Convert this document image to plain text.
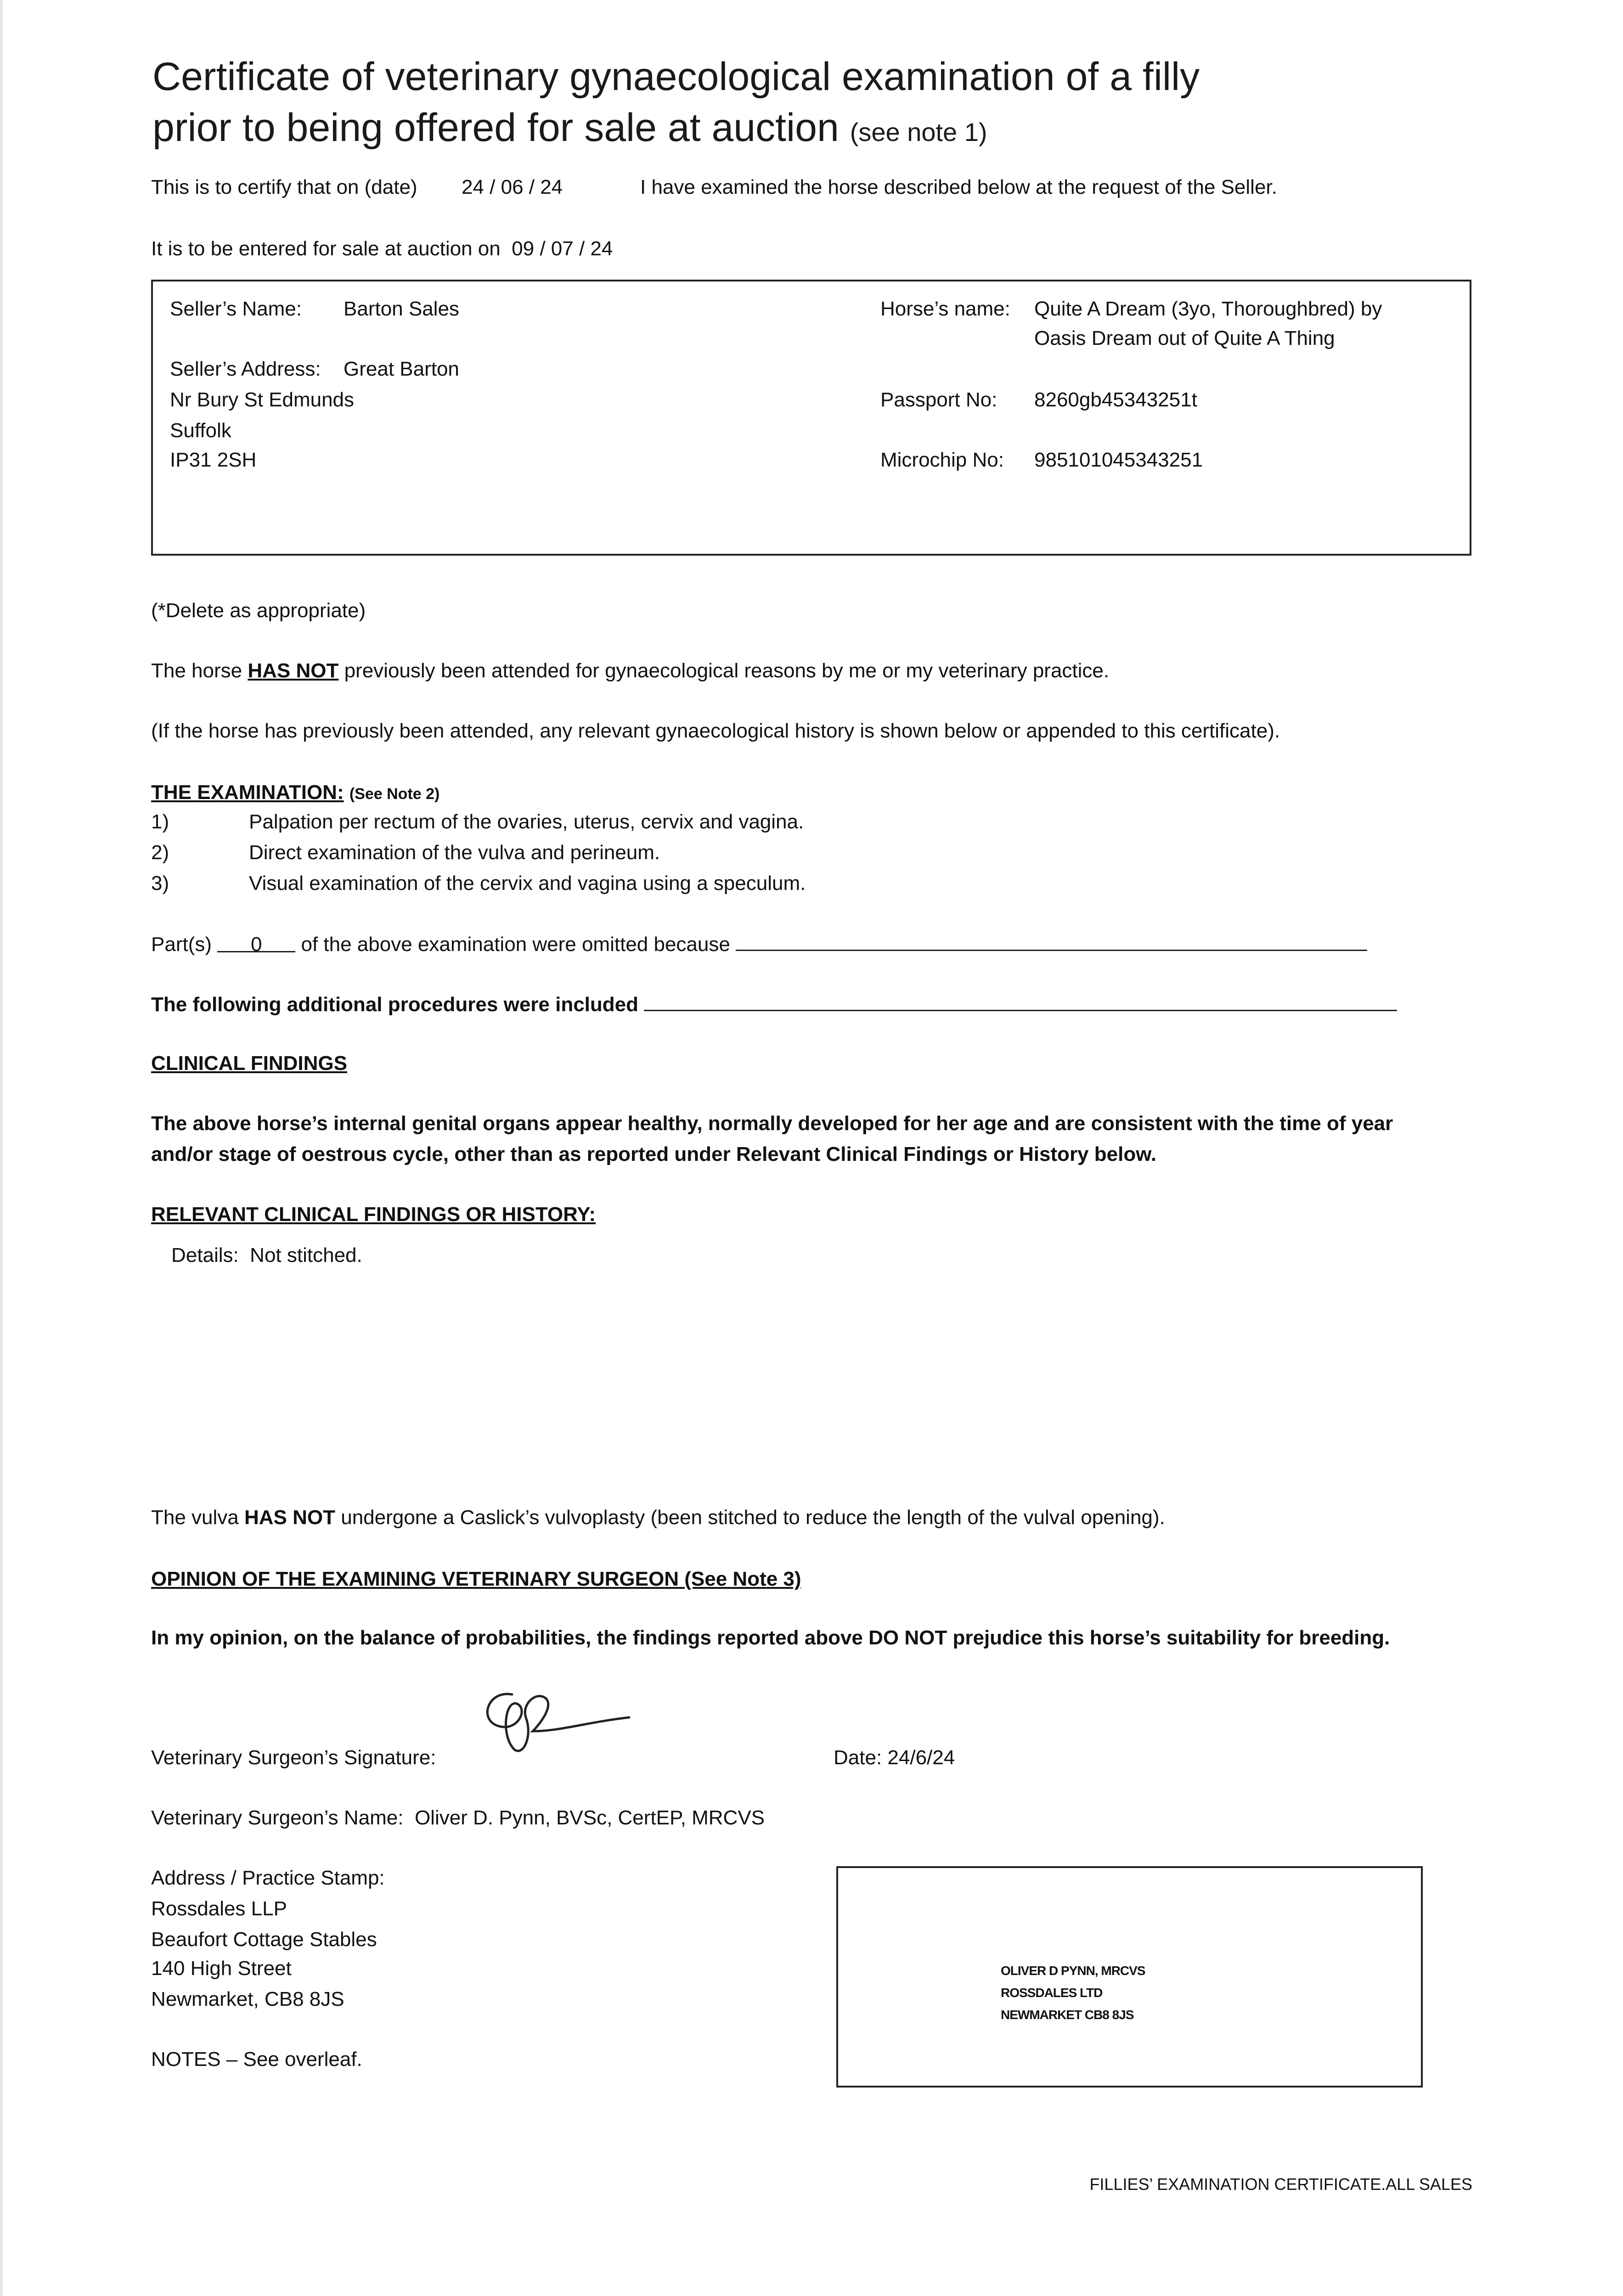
Certificate of veterinary gynaecological examination of a filly
prior to being offered for sale at auction (see note 1)
This is to certify that on (date) 24 / 06 / 24	I have examined the horse described below at the request of the Seller.
It is to be entered for sale at auction on 09 / 07 / 24
Seller’s Name: Barton Sales
Seller’s Address: Great Barton
Nr Bury St Edmunds
Suffolk
IP31 2SH
Horse’s name: Quite A Dream (3yo, Thoroughbred) by
Oasis Dream out of Quite A Thing
Passport No: 8260gb45343251t
Microchip No: 985101045343251
(*Delete as appropriate)
The horse HAS NOT previously been attended for gynaecological reasons by me or my veterinary practice.
(If the horse has previously been attended, any relevant gynaecological history is shown below or appended to this certificate).
THE EXAMINATION: (See Note 2)
1)	Palpation per rectum of the ovaries, uterus, cervix and vagina.
2)	Direct examination of the vulva and perineum.
3)	Visual examination of the cervix and vagina using a speculum.
Part(s) 0 of the above examination were omitted because
The following additional procedures were included
CLINICAL FINDINGS
The above horse’s internal genital organs appear healthy, normally developed for her age and are consistent with the time of year
and/or stage of oestrous cycle, other than as reported under Relevant Clinical Findings or History below.
RELEVANT CLINICAL FINDINGS OR HISTORY:
Details: Not stitched.
The vulva HAS NOT undergone a Caslick’s vulvoplasty (been stitched to reduce the length of the vulval opening).
OPINION OF THE EXAMINING VETERINARY SURGEON (See Note 3)
In my opinion, on the balance of probabilities, the findings reported above DO NOT prejudice this horse’s suitability for breeding.
Veterinary Surgeon’s Signature:	Date: 24/6/24
Veterinary Surgeon’s Name: Oliver D. Pynn, BVSc, CertEP, MRCVS
Address / Practice Stamp:
Rossdales LLP
Beaufort Cottage Stables
140 High Street
Newmarket, CB8 8JS
NOTES – See overleaf.
OLIVER D PYNN, MRCVS
ROSSDALES LTD
NEWMARKET CB8 8JS
FILLIES’ EXAMINATION CERTIFICATE.ALL SALES
